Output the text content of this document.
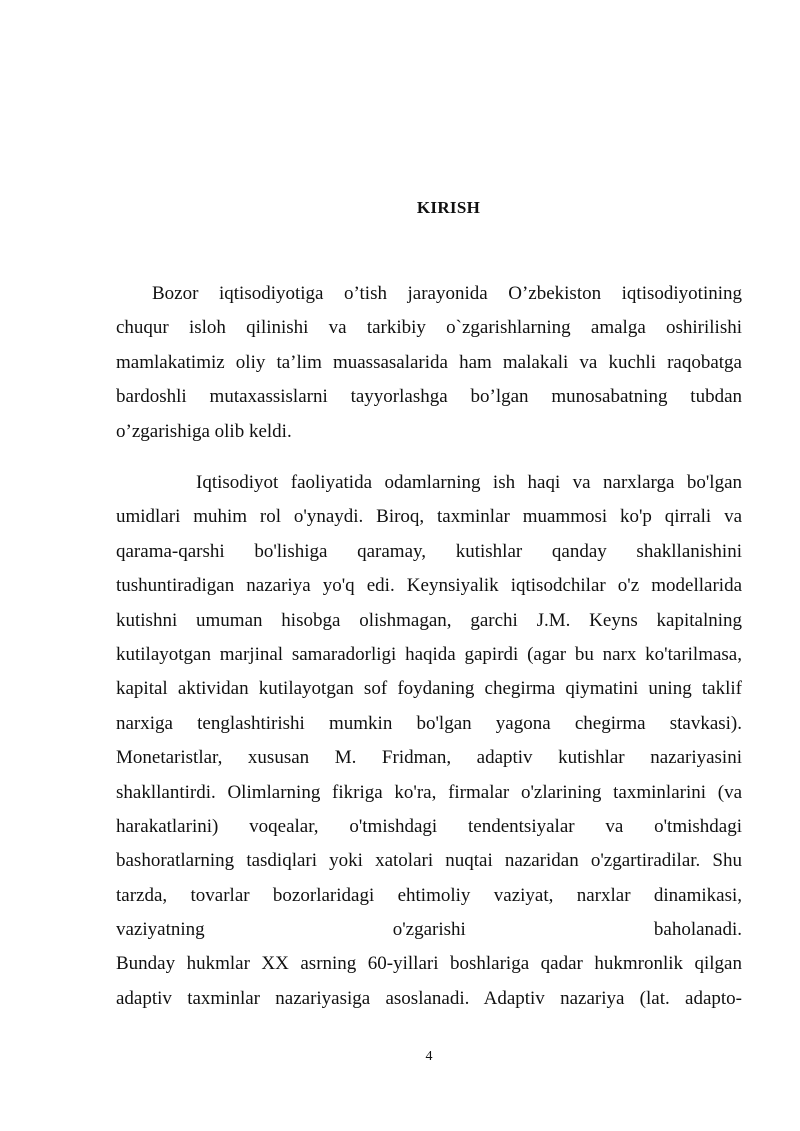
KIRISH
Bozor iqtisodiyotiga o’tish jarayonida O’zbekiston iqtisodiyotining
chuqur isloh qilinishi va tarkibiy o`zgarishlarning amalga oshirilishi
mamlakatimiz oliy ta’lim muassasalarida ham malakali va kuchli raqobatga
bardoshli mutaxassislarni tayyorlashga bo’lgan munosabatning tubdan
o’zgarishiga olib keldi.
Iqtisodiyot faoliyatida odamlarning ish haqi va narxlarga bo'lgan
umidlari muhim rol o'ynaydi. Biroq, taxminlar muammosi ko'p qirrali va
qarama-qarshi bo'lishiga qaramay, kutishlar qanday shakllanishini
tushuntiradigan nazariya yo'q edi. Keynsiyalik iqtisodchilar o'z modellarida
kutishni umuman hisobga olishmagan, garchi J.M. Keyns kapitalning
kutilayotgan marjinal samaradorligi haqida gapirdi (agar bu narx ko'tarilmasa,
kapital aktividan kutilayotgan sof foydaning chegirma qiymatini uning taklif
narxiga tenglashtirishi mumkin bo'lgan yagona chegirma stavkasi).
Monetaristlar, xususan M. Fridman, adaptiv kutishlar nazariyasini
shakllantirdi. Olimlarning fikriga ko'ra, firmalar o'zlarining taxminlarini (va
harakatlarini) voqealar, o'tmishdagi tendentsiyalar va o'tmishdagi
bashoratlarning tasdiqlari yoki xatolari nuqtai nazaridan o'zgartiradilar. Shu
tarzda, tovarlar bozorlaridagi ehtimoliy vaziyat, narxlar dinamikasi,
vaziyatning o'zgarishi baholanadi.
Bunday hukmlar XX asrning 60-yillari boshlariga qadar hukmronlik qilgan
adaptiv taxminlar nazariyasiga asoslanadi. Adaptiv nazariya (lat. adapto-
4
